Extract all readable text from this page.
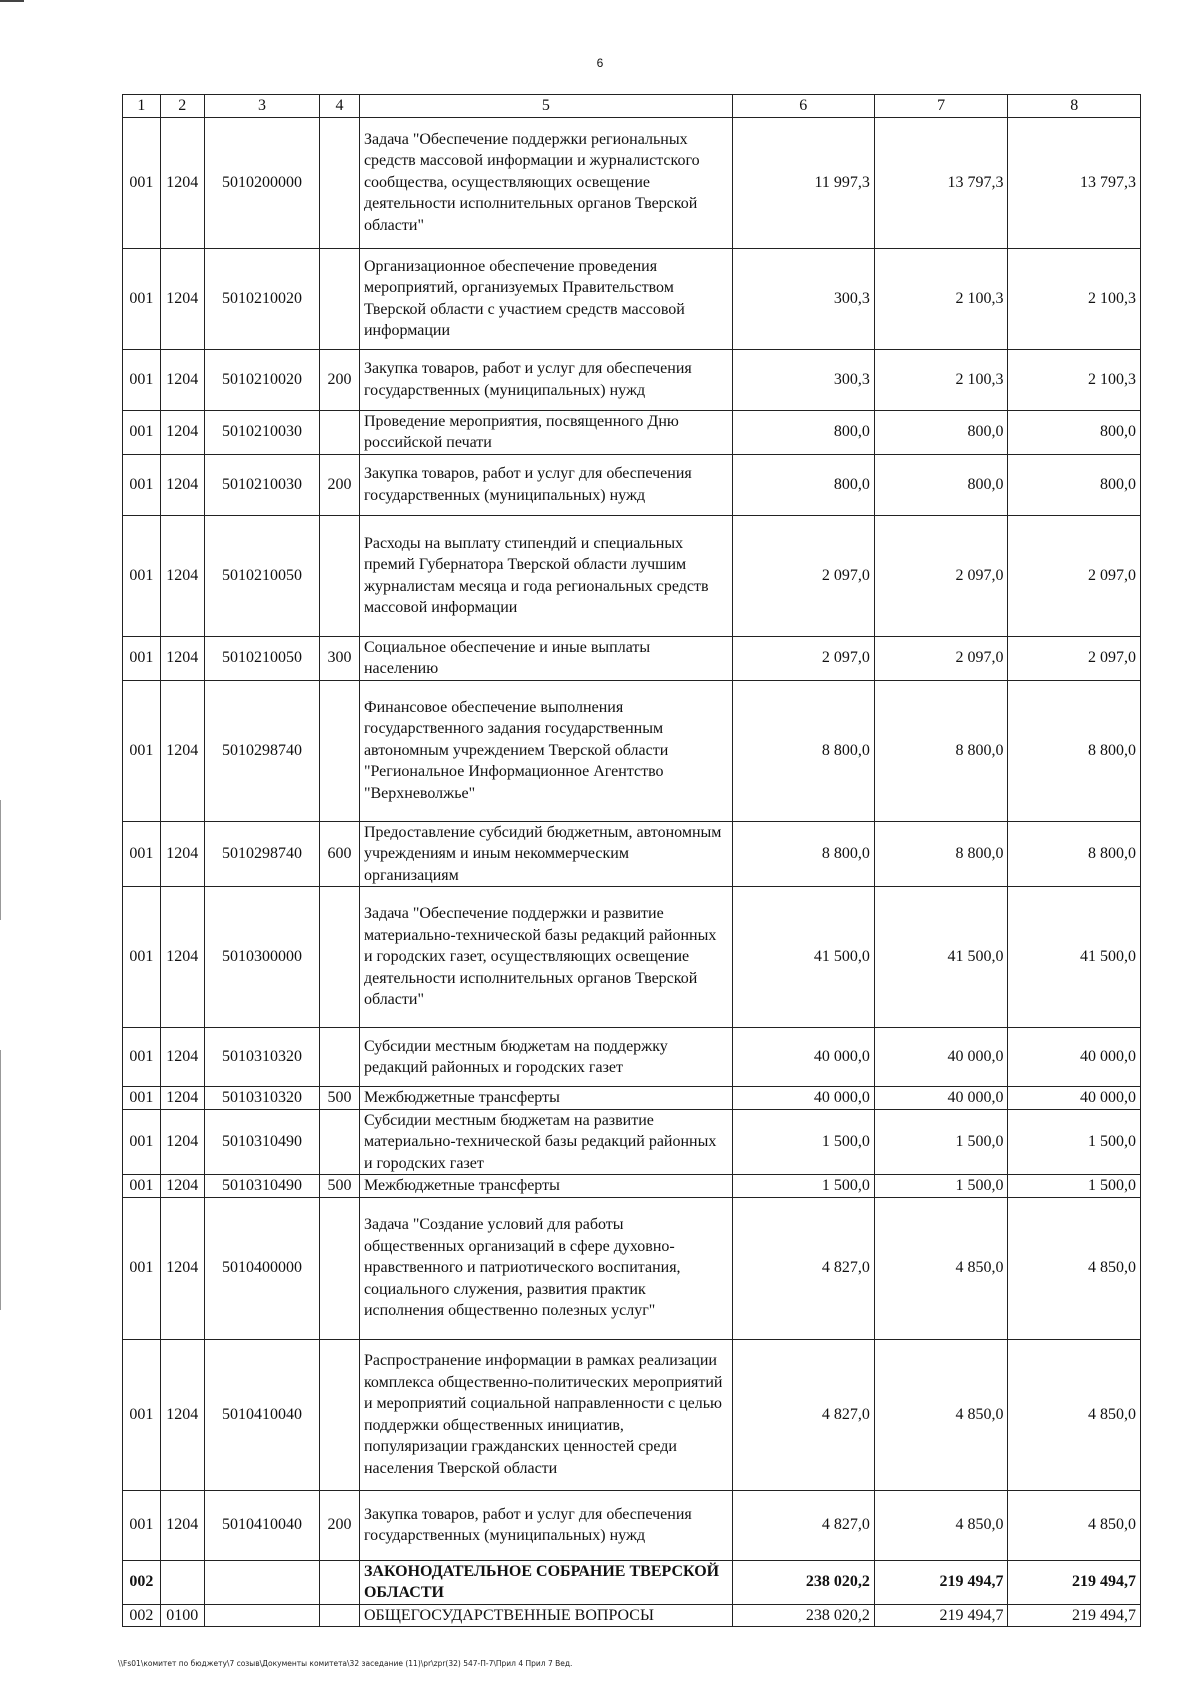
6
1	2	3	4	5	6	7	8
001	1204	5010200000		Задача "Обеспечение поддержки региональных средств массовой информации и журналистского сообщества, осуществляющих освещение деятельности исполнительных органов Тверской области"	11 997,3	13 797,3	13 797,3
001	1204	5010210020		Организационное обеспечение проведения мероприятий, организуемых Правительством Тверской области с участием средств массовой информации	300,3	2 100,3	2 100,3
001	1204	5010210020	200	Закупка товаров, работ и услуг для обеспечения государственных (муниципальных) нужд	300,3	2 100,3	2 100,3
001	1204	5010210030		Проведение мероприятия, посвященного Дню российской печати	800,0	800,0	800,0
001	1204	5010210030	200	Закупка товаров, работ и услуг для обеспечения государственных (муниципальных) нужд	800,0	800,0	800,0
001	1204	5010210050		Расходы на выплату стипендий и специальных премий Губернатора Тверской области лучшим журналистам месяца и года региональных средств массовой информации	2 097,0	2 097,0	2 097,0
001	1204	5010210050	300	Социальное обеспечение и иные выплаты населению	2 097,0	2 097,0	2 097,0
001	1204	5010298740		Финансовое обеспечение выполнения государственного задания государственным автономным учреждением Тверской области "Региональное Информационное Агентство "Верхневолжье"	8 800,0	8 800,0	8 800,0
001	1204	5010298740	600	Предоставление субсидий бюджетным, автономным учреждениям и иным некоммерческим организациям	8 800,0	8 800,0	8 800,0
001	1204	5010300000		Задача "Обеспечение поддержки и развитие материально-технической базы редакций районных и городских газет, осуществляющих освещение деятельности исполнительных органов Тверской области"	41 500,0	41 500,0	41 500,0
001	1204	5010310320		Субсидии местным бюджетам на поддержку редакций районных и городских газет	40 000,0	40 000,0	40 000,0
001	1204	5010310320	500	Межбюджетные трансферты	40 000,0	40 000,0	40 000,0
001	1204	5010310490		Субсидии местным бюджетам на развитие материально-технической базы редакций районных и городских газет	1 500,0	1 500,0	1 500,0
001	1204	5010310490	500	Межбюджетные трансферты	1 500,0	1 500,0	1 500,0
001	1204	5010400000		Задача "Создание условий для работы общественных организаций в сфере духовно-нравственного и патриотического воспитания, социального служения, развития практик исполнения общественно полезных услуг"	4 827,0	4 850,0	4 850,0
001	1204	5010410040		Распространение информации в рамках реализации комплекса общественно-политических мероприятий и мероприятий социальной направленности с целью поддержки общественных инициатив, популяризации гражданских ценностей среди населения Тверской области	4 827,0	4 850,0	4 850,0
001	1204	5010410040	200	Закупка товаров, работ и услуг для обеспечения государственных (муниципальных) нужд	4 827,0	4 850,0	4 850,0
002				ЗАКОНОДАТЕЛЬНОЕ СОБРАНИЕ ТВЕРСКОЙ ОБЛАСТИ	238 020,2	219 494,7	219 494,7
002	0100			ОБЩЕГОСУДАРСТВЕННЫЕ ВОПРОСЫ	238 020,2	219 494,7	219 494,7
\\Fs01\комитет по бюджету\7 созыв\Документы комитета\32 заседание (11)\pr\zpr(32) 547-П-7\Прил 4 Прил 7 Вед.
